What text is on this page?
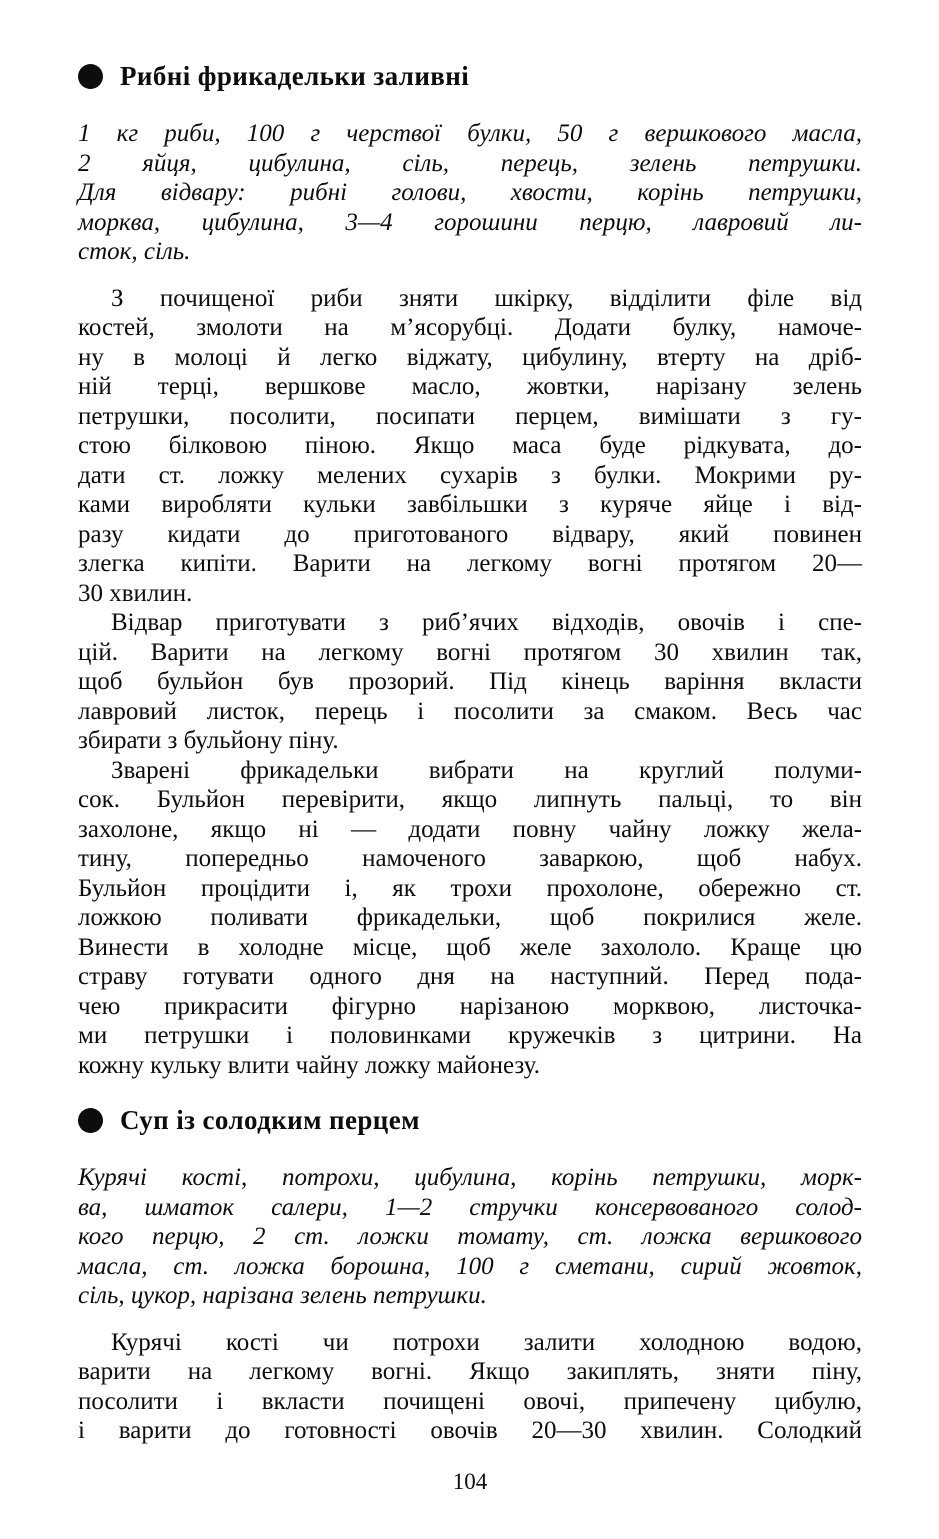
Рибні фрикадельки заливні
1 кг риби, 100 г черствої булки, 50 г вершкового масла,
2 яйця, цибулина, сіль, перець, зелень петрушки.
Для відвару: рибні голови, хвости, корінь петрушки,
морква, цибулина, 3—4 горошини перцю, лавровий ли-
сток, сіль.
З почищеної риби зняти шкірку, відділити філе від
костей, змолоти на м’ясорубці. Додати булку, намоче-
ну в молоці й легко віджату, цибулину, втерту на дріб-
ній терці, вершкове масло, жовтки, нарізану зелень
петрушки, посолити, посипати перцем, вимішати з гу-
стою білковою піною. Якщо маса буде рідкувата, до-
дати ст. ложку мелених сухарів з булки. Мокрими ру-
ками виробляти кульки завбільшки з куряче яйце і від-
разу кидати до приготованого відвару, який повинен
злегка кипіти. Варити на легкому вогні протягом 20—
30 хвилин.
Відвар приготувати з риб’ячих відходів, овочів і спе-
цій. Варити на легкому вогні протягом 30 хвилин так,
щоб бульйон був прозорий. Під кінець варіння вкласти
лавровий листок, перець і посолити за смаком. Весь час
збирати з бульйону піну.
Зварені фрикадельки вибрати на круглий полуми-
сок. Бульйон перевірити, якщо липнуть пальці, то він
захолоне, якщо ні — додати повну чайну ложку жела-
тину, попередньо намоченого заваркою, щоб набух.
Бульйон процідити і, як трохи прохолоне, обережно ст.
ложкою поливати фрикадельки, щоб покрилися желе.
Винести в холодне місце, щоб желе захололо. Краще цю
страву готувати одного дня на наступний. Перед пода-
чею прикрасити фігурно нарізаною морквою, листочка-
ми петрушки і половинками кружечків з цитрини. На
кожну кульку влити чайну ложку майонезу.
Суп із солодким перцем
Курячі кості, потрохи, цибулина, корінь петрушки, морк-
ва, шматок салери, 1—2 стручки консервованого солод-
кого перцю, 2 ст. ложки томату, ст. ложка вершкового
масла, ст. ложка борошна, 100 г сметани, сирий жовток,
сіль, цукор, нарізана зелень петрушки.
Курячі кості чи потрохи залити холодною водою,
варити на легкому вогні. Якщо закиплять, зняти піну,
посолити і вкласти почищені овочі, припечену цибулю,
і варити до готовності овочів 20—30 хвилин. Солодкий
104
